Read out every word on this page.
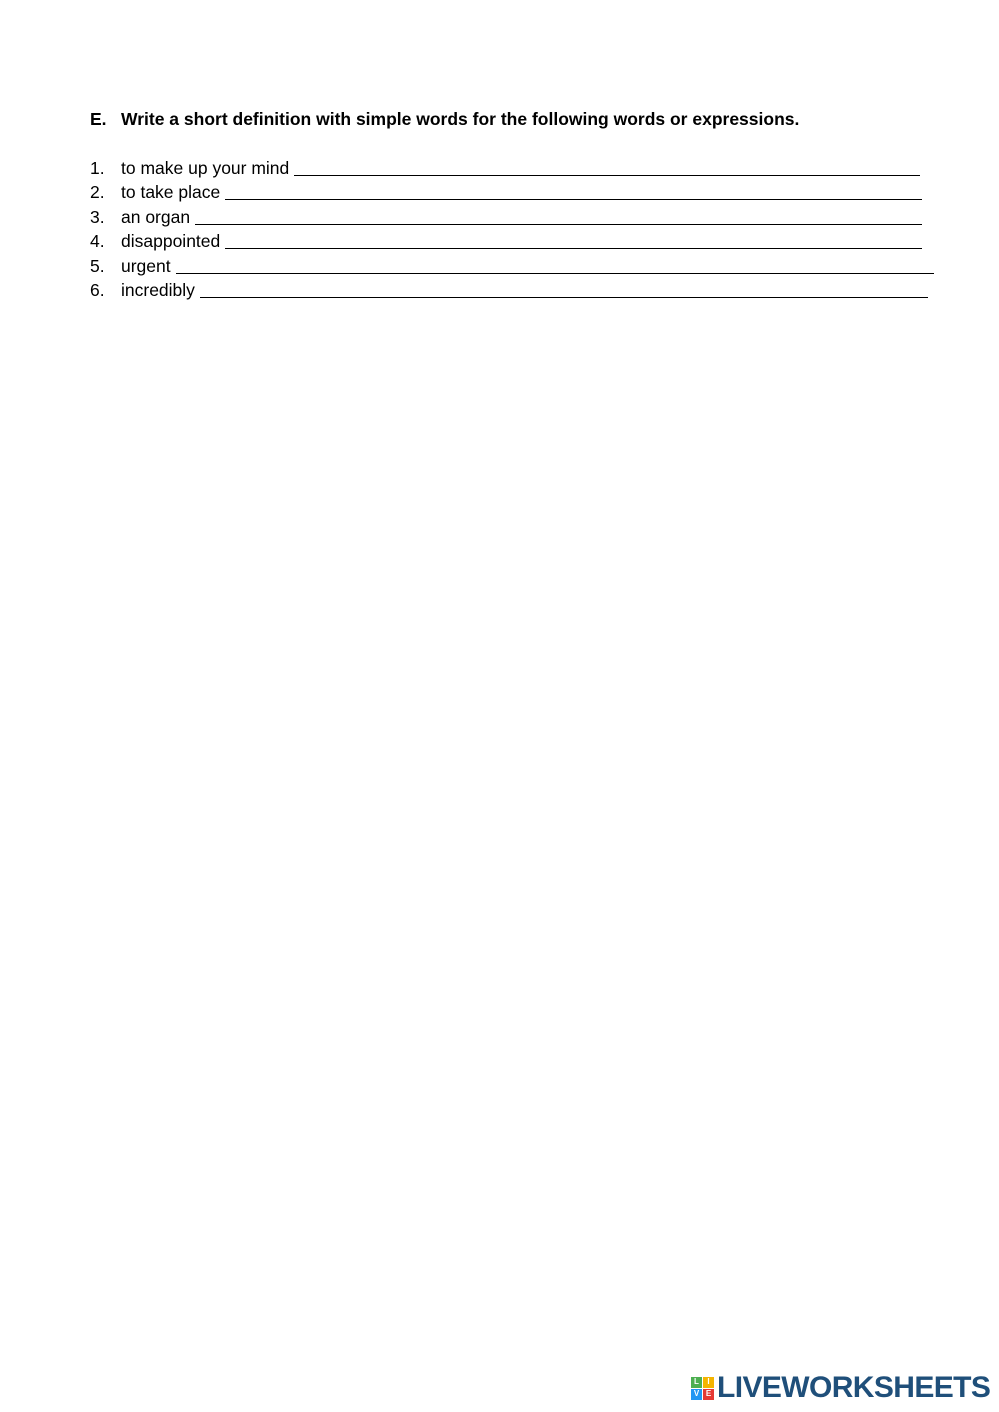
E. Write a short definition with simple words for the following words or expressions.
1. to make up your mind
2. to take place
3. an organ
4. disappointed
5. urgent
6. incredibly
L	I
V E LIVEWORKSHEETS
